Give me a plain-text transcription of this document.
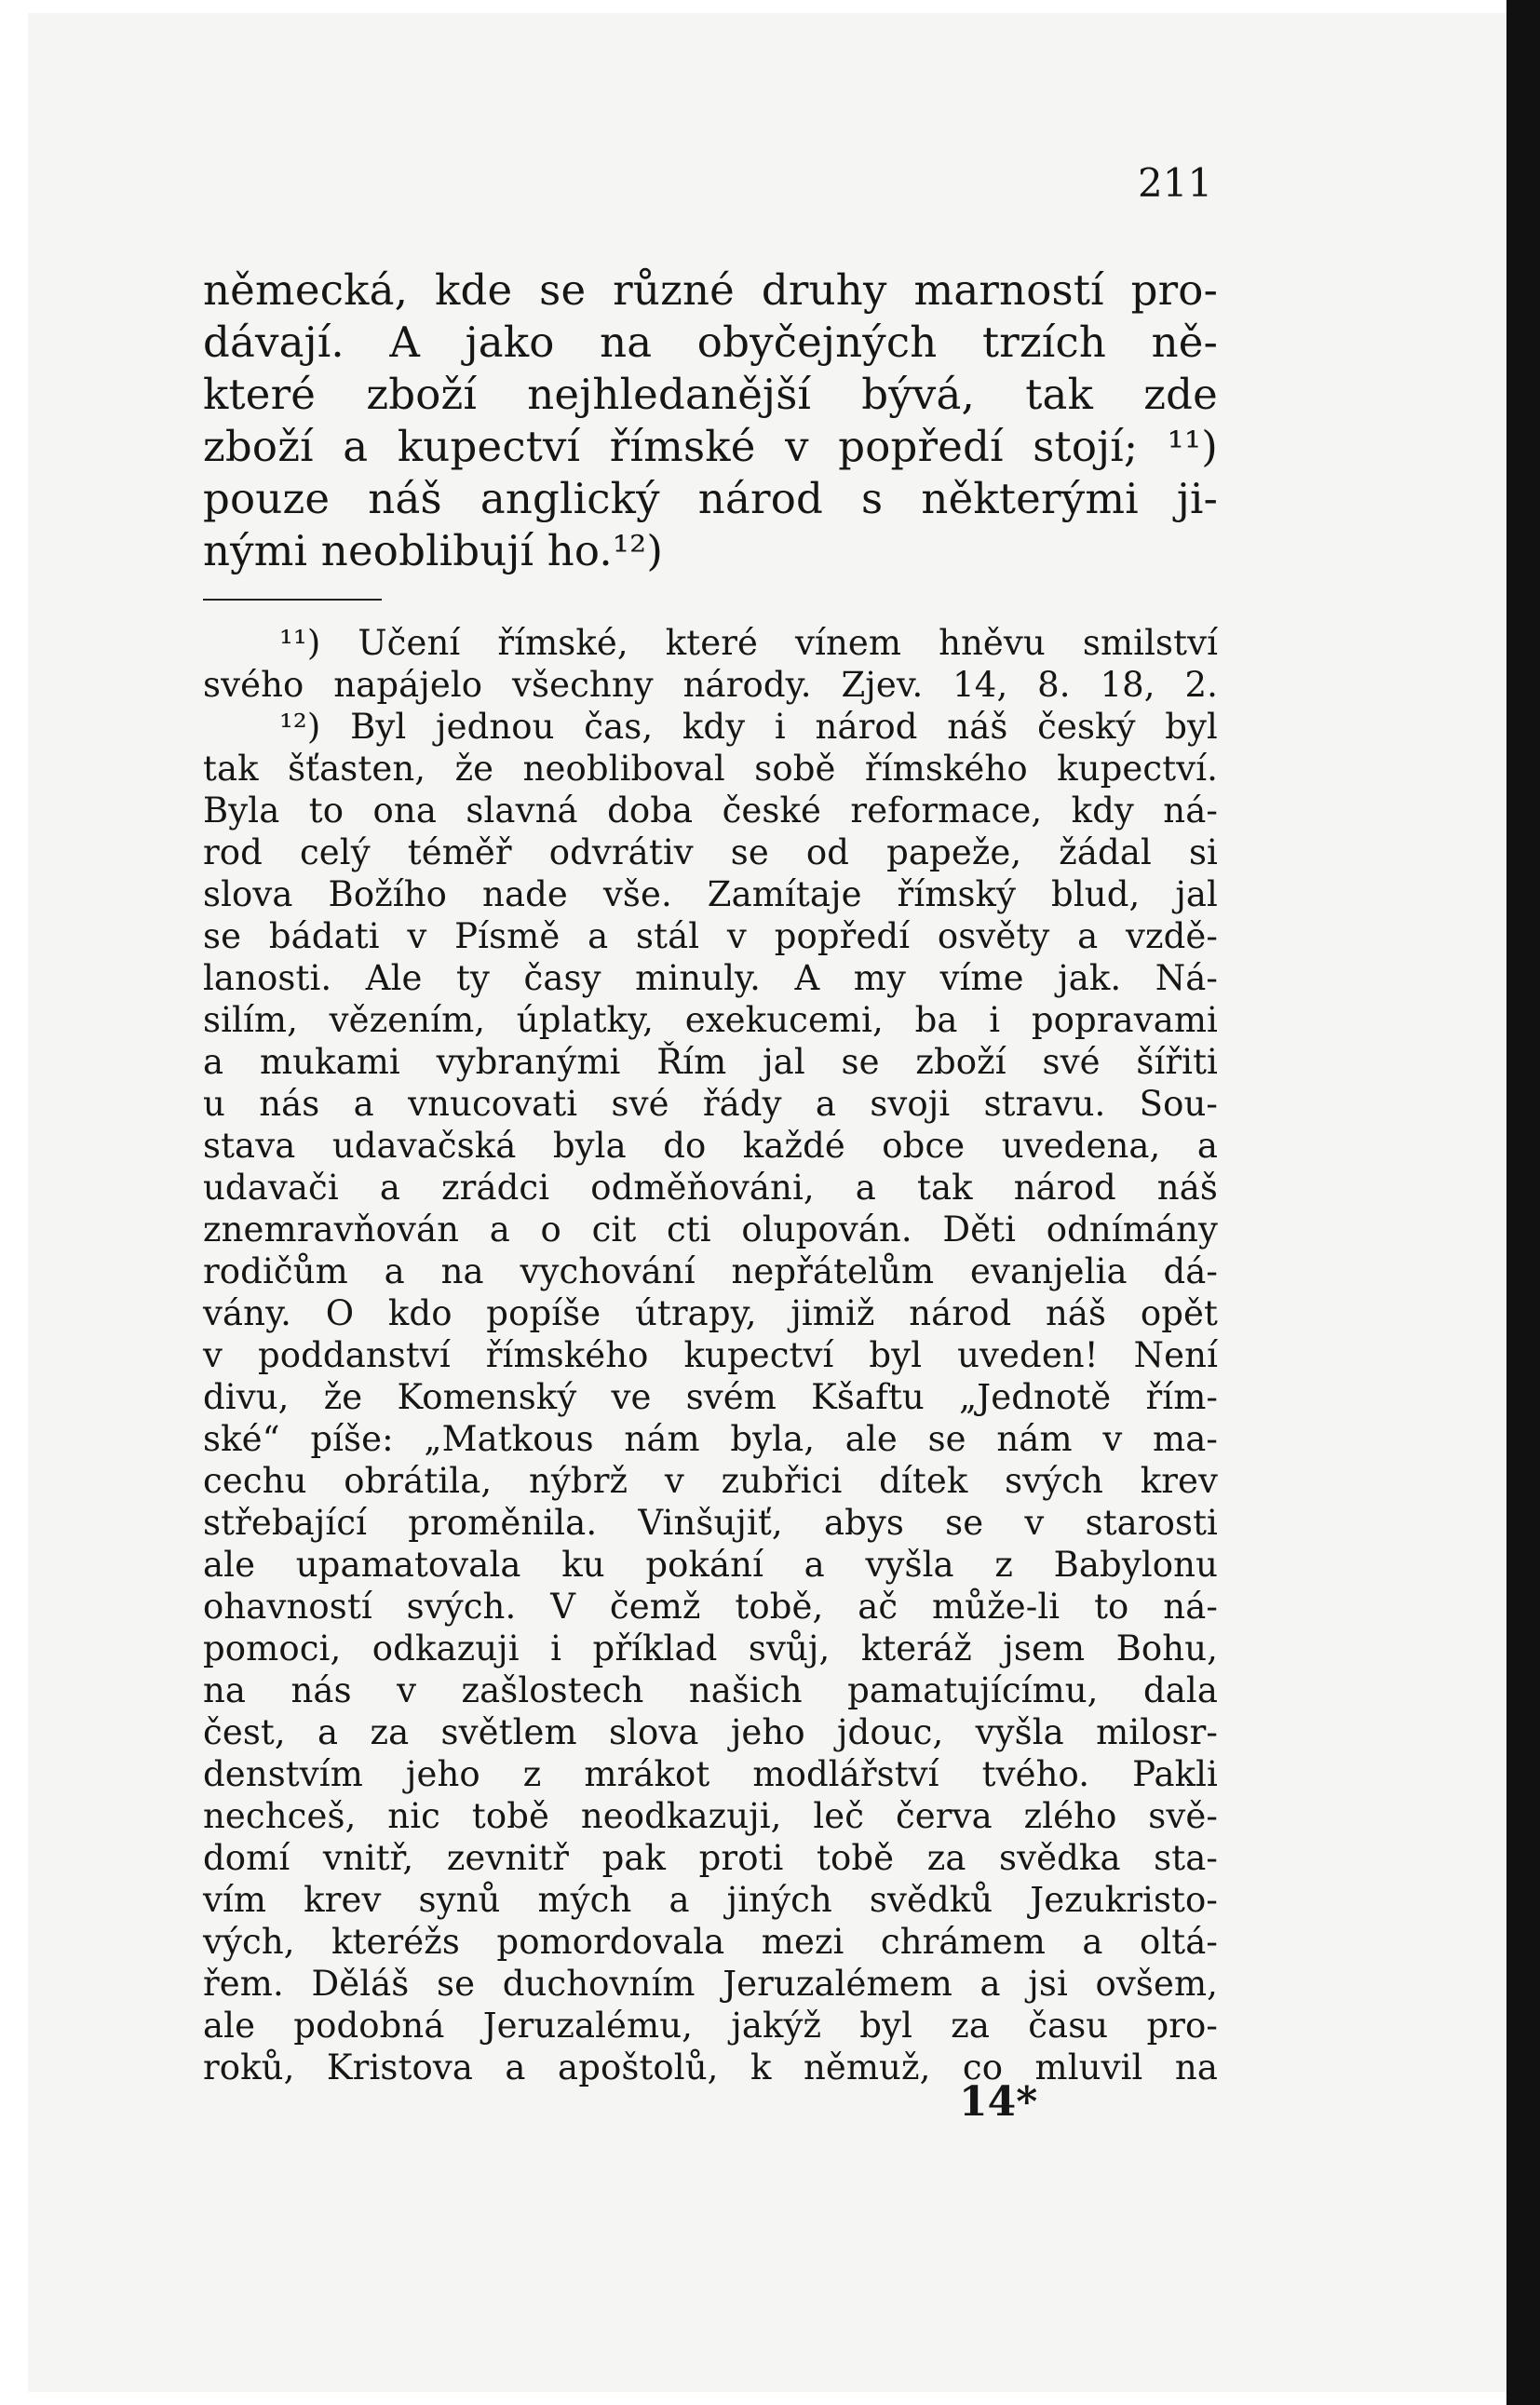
211
německá, kde se různé druhy marností pro-
dávají. A jako na obyčejných trzích ně-
které zboží nejhledanější bývá, tak zde
zboží a kupectví římské v popředí stojí; ¹¹)
pouze náš anglický národ s některými ji-
nými neoblibují ho.¹²)
¹¹) Učení římské, které vínem hněvu smilství
svého napájelo všechny národy. Zjev. 14, 8. 18, 2.
¹²) Byl jednou čas, kdy i národ náš český byl
tak šťasten, že neobliboval sobě římského kupectví.
Byla to ona slavná doba české reformace, kdy ná-
rod celý téměř odvrátiv se od papeže, žádal si
slova Božího nade vše. Zamítaje římský blud, jal
se bádati v Písmě a stál v popředí osvěty a vzdě-
lanosti. Ale ty časy minuly. A my víme jak. Ná-
silím, vězením, úplatky, exekucemi, ba i popravami
a mukami vybranými Řím jal se zboží své šířiti
u nás a vnucovati své řády a svoji stravu. Sou-
stava udavačská byla do každé obce uvedena, a
udavači a zrádci odměňováni, a tak národ náš
znemravňován a o cit cti olupován. Děti odnímány
rodičům a na vychování nepřátelům evanjelia dá-
vány. O kdo popíše útrapy, jimiž národ náš opět
v poddanství římského kupectví byl uveden! Není
divu, že Komenský ve svém Kšaftu „Jednotě řím-
ské“ píše: „Matkous nám byla, ale se nám v ma-
cechu obrátila, nýbrž v zubřici dítek svých krev
střebající proměnila. Vinšujiť, abys se v starosti
ale upamatovala ku pokání a vyšla z Babylonu
ohavností svých. V čemž tobě, ač může-li to ná-
pomoci, odkazuji i příklad svůj, kteráž jsem Bohu,
na nás v zašlostech našich pamatujícímu, dala
čest, a za světlem slova jeho jdouc, vyšla milosr-
denstvím jeho z mrákot modlářství tvého. Pakli
nechceš, nic tobě neodkazuji, leč červa zlého svě-
domí vnitř, zevnitř pak proti tobě za svědka sta-
vím krev synů mých a jiných svědků Jezukristo-
vých, kteréžs pomordovala mezi chrámem a oltá-
řem. Děláš se duchovním Jeruzalémem a jsi ovšem,
ale podobná Jeruzalému, jakýž byl za času pro-
roků, Kristova a apoštolů, k němuž, co mluvil na
14*
